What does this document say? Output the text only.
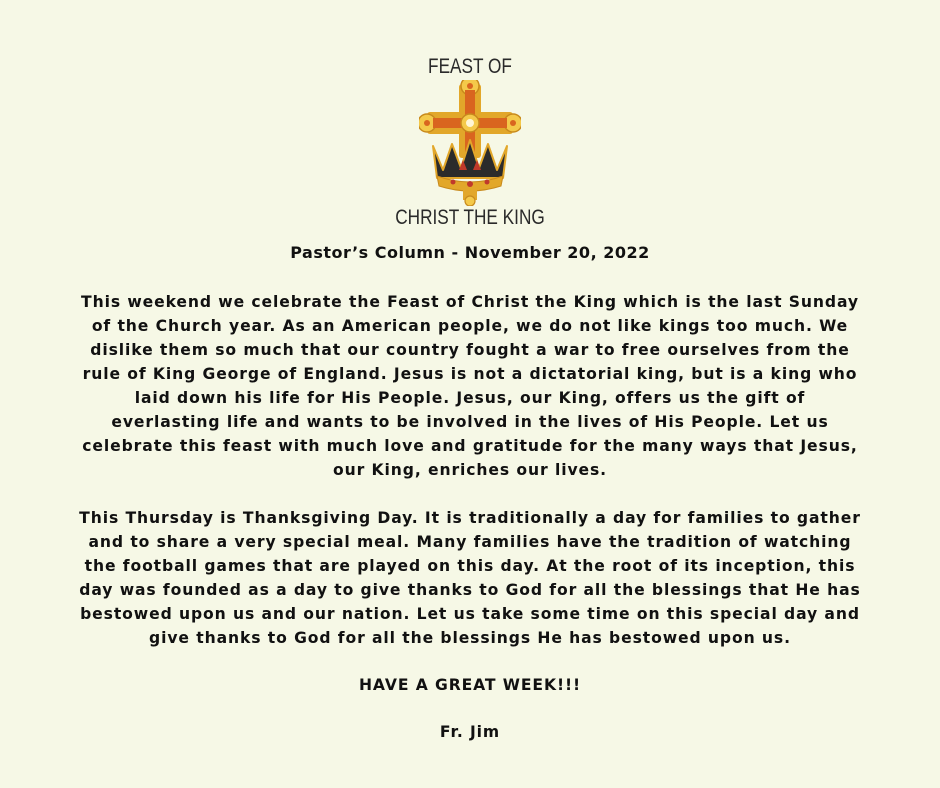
FEAST OF
CHRIST THE KING
Pastor’s Column - November 20, 2022
This weekend we celebrate the Feast of Christ the King which is the last Sunday of the Church year. As an American people, we do not like kings too much. We dislike them so much that our country fought a war to free ourselves from the rule of King George of England. Jesus is not a dictatorial king, but is a king who laid down his life for His People. Jesus, our King, offers us the gift of everlasting life and wants to be involved in the lives of His People. Let us celebrate this feast with much love and gratitude for the many ways that Jesus, our King, enriches our lives.
This Thursday is Thanksgiving Day. It is traditionally a day for families to gather and to share a very special meal. Many families have the tradition of watching the football games that are played on this day. At the root of its inception, this day was founded as a day to give thanks to God for all the blessings that He has bestowed upon us and our nation. Let us take some time on this special day and give thanks to God for all the blessings He has bestowed upon us.
HAVE A GREAT WEEK!!!
Fr. Jim
